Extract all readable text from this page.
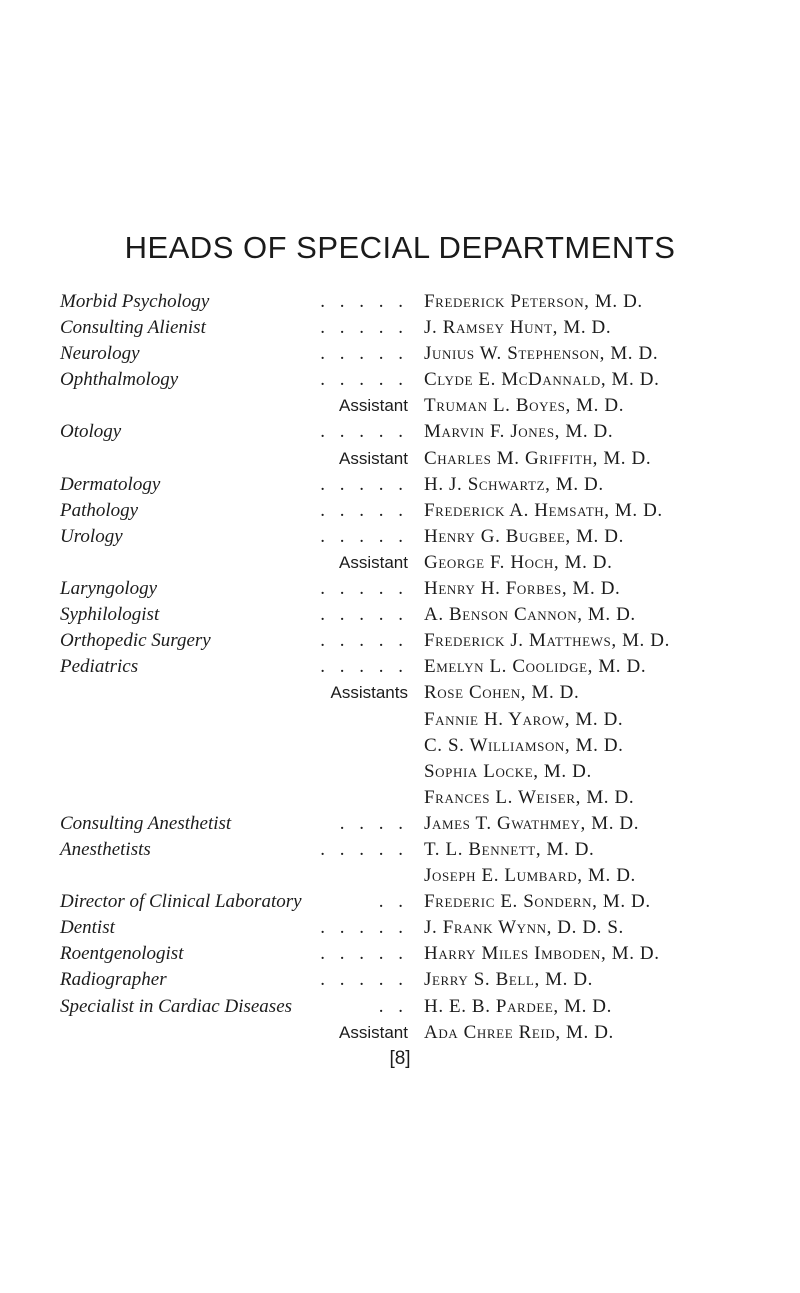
HEADS OF SPECIAL DEPARTMENTS
Morbid Psychology	. . . . . Frederick Peterson, M. D.
Consulting Alienist	. . . . . J. Ramsey Hunt, M. D.
Neurology	. . . . . Junius W. Stephenson, M. D.
Ophthalmology	. . . . . Clyde E. McDannald, M. D.
Assistant Truman L. Boyes, M. D.
Otology	. . . . . Marvin F. Jones, M. D.
Assistant Charles M. Griffith, M. D.
Dermatology	. . . . . H. J. Schwartz, M. D.
Pathology	. . . . . Frederick A. Hemsath, M. D.
Urology	. . . . . Henry G. Bugbee, M. D.
Assistant George F. Hoch, M. D.
Laryngology	. . . . . Henry H. Forbes, M. D.
Syphilologist	. . . . . A. Benson Cannon, M. D.
Orthopedic Surgery	. . . . . Frederick J. Matthews, M. D.
Pediatrics	. . . . . Emelyn L. Coolidge, M. D.
Assistants Rose Cohen, M. D.
Fannie H. Yarow, M. D.
C. S. Williamson, M. D.
Sophia Locke, M. D.
Frances L. Weiser, M. D.
Consulting Anesthetist	. . . . James T. Gwathmey, M. D.
Anesthetists	. . . . . T. L. Bennett, M. D.
Joseph E. Lumbard, M. D.
Director of Clinical Laboratory	. . Frederic E. Sondern, M. D.
Dentist	. . . . . J. Frank Wynn, D. D. S.
Roentgenologist	. . . . . Harry Miles Imboden, M. D.
Radiographer	. . . . . Jerry S. Bell, M. D.
Specialist in Cardiac Diseases	. . H. E. B. Pardee, M. D.
Assistant Ada Chree Reid, M. D.
[8]
